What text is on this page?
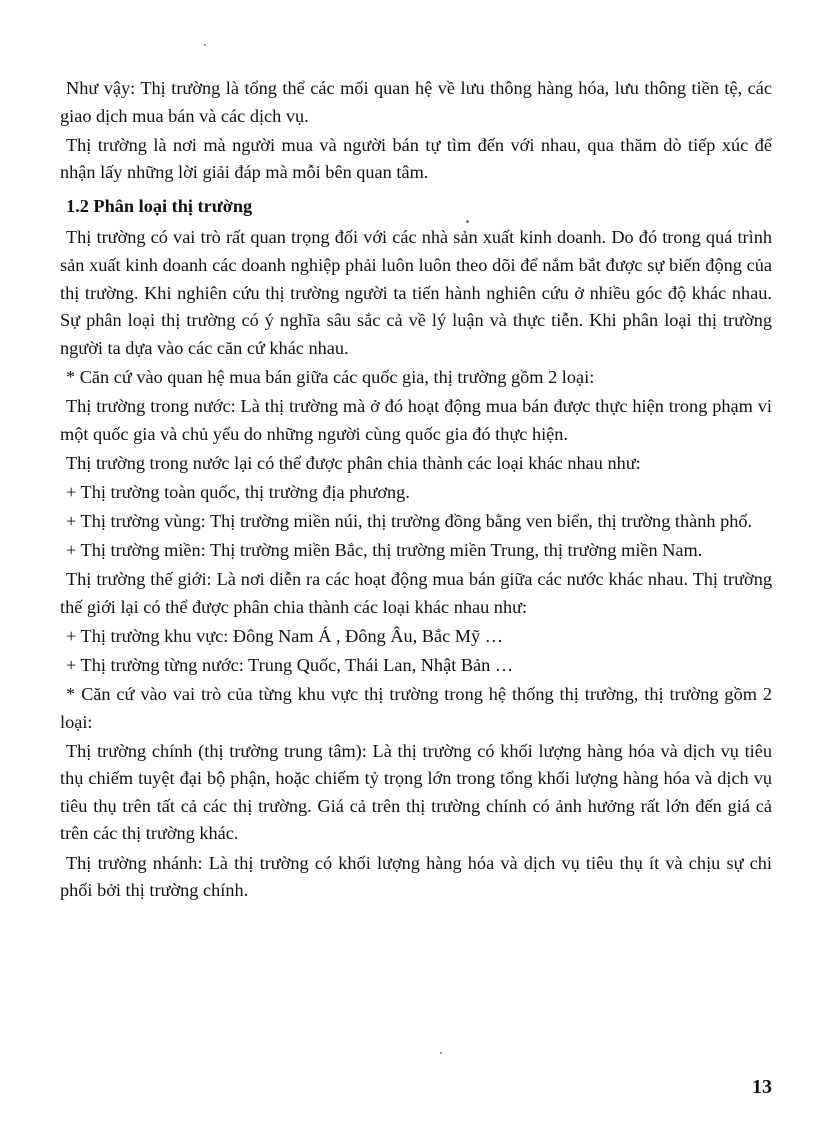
Như vậy: Thị trường là tổng thể các mối quan hệ về lưu thông hàng hóa, lưu thông tiền tệ, các giao dịch mua bán và các dịch vụ.

Thị trường là nơi mà người mua và người bán tự tìm đến với nhau, qua thăm dò tiếp xúc để nhận lấy những lời giải đáp mà mỗi bên quan tâm.

1.2 Phân loại thị trường

Thị trường có vai trò rất quan trọng đối với các nhà sản xuất kinh doanh. Do đó trong quá trình sản xuất kinh doanh các doanh nghiệp phải luôn luôn theo dõi để nắm bắt được sự biến động của thị trường. Khi nghiên cứu thị trường người ta tiến hành nghiên cứu ở nhiều góc độ khác nhau. Sự phân loại thị trường có ý nghĩa sâu sắc cả về lý luận và thực tiễn. Khi phân loại thị trường người ta dựa vào các căn cứ khác nhau.

* Căn cứ vào quan hệ mua bán giữa các quốc gia, thị trường gồm 2 loại:

Thị trường trong nước: Là thị trường mà ở đó hoạt động mua bán được thực hiện trong phạm vi một quốc gia và chủ yếu do những người cùng quốc gia đó thực hiện.

Thị trường trong nước lại có thể được phân chia thành các loại khác nhau như:

+ Thị trường toàn quốc, thị trường địa phương.

+ Thị trường vùng: Thị trường miền núi, thị trường đồng bằng ven biển, thị trường thành phố.

+ Thị trường miền: Thị trường miền Bắc, thị trường miền Trung, thị trường miền Nam.

Thị trường thế giới: Là nơi diễn ra các hoạt động mua bán giữa các nước khác nhau. Thị trường thế giới lại có thể được phân chia thành các loại khác nhau như:

+ Thị trường khu vực: Đông Nam Á , Đông Âu, Bắc Mỹ …

+ Thị trường từng nước: Trung Quốc, Thái Lan, Nhật Bản …

* Căn cứ vào vai trò của từng khu vực thị trường trong hệ thống thị trường, thị trường gồm 2 loại:

Thị trường chính (thị trường trung tâm): Là thị trường có khối lượng hàng hóa và dịch vụ tiêu thụ chiếm tuyệt đại bộ phận, hoặc chiếm tỷ trọng lớn trong tổng khối lượng hàng hóa và dịch vụ tiêu thụ trên tất cả các thị trường. Giá cả trên thị trường chính có ảnh hưởng rất lớn đến giá cả trên các thị trường khác.

Thị trường nhánh: Là thị trường có khối lượng hàng hóa và dịch vụ tiêu thụ ít và chịu sự chi phối bởi thị trường chính.

13
